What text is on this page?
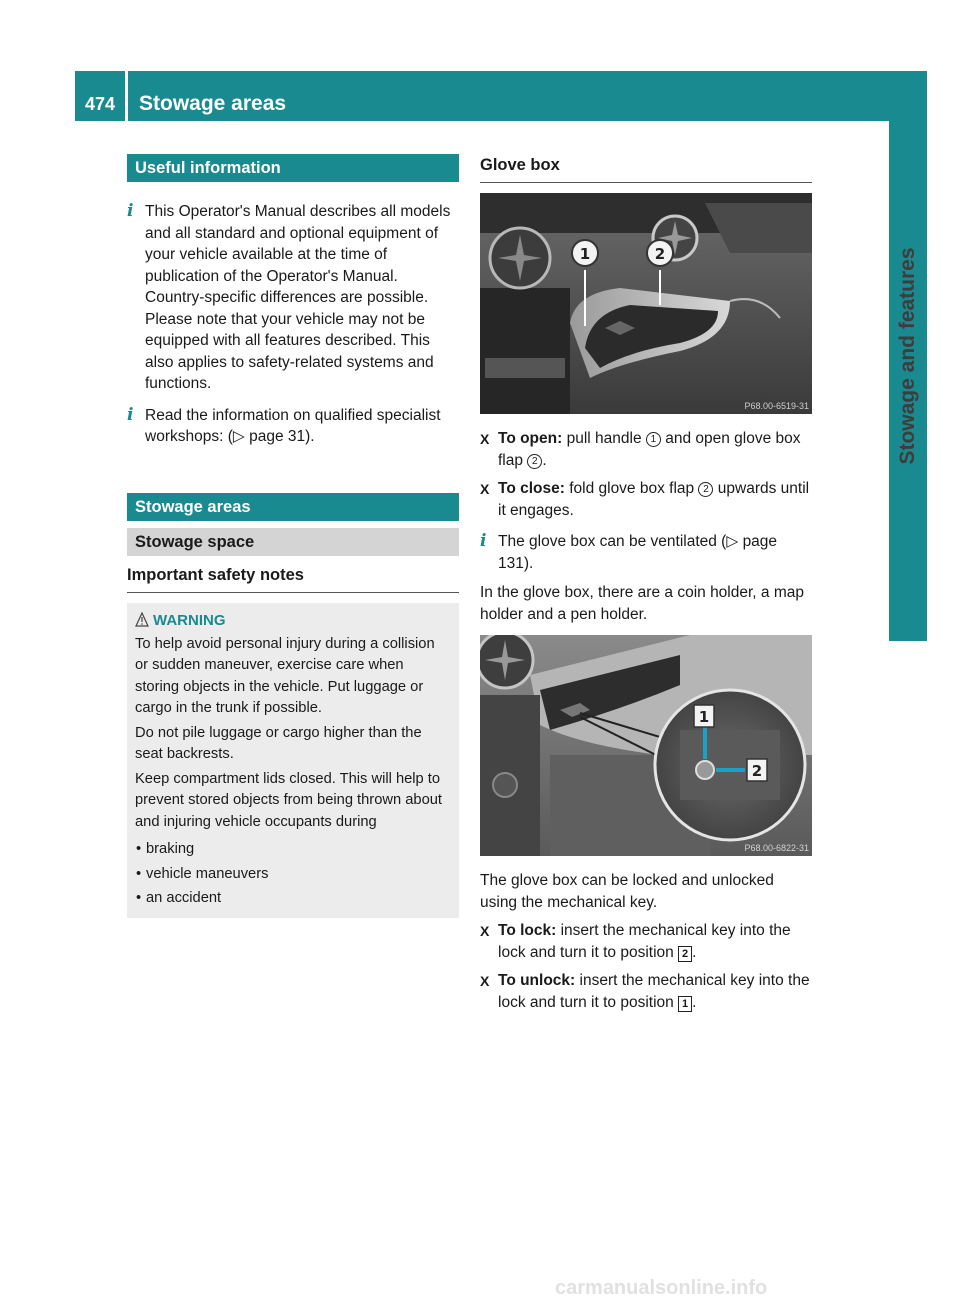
474	Stowage areas
Stowage and features
Useful information
i This Operator's Manual describes all models and all standard and optional equipment of your vehicle available at the time of publication of the Operator's Manual. Country-specific differences are possible. Please note that your vehicle may not be equipped with all features described. This also applies to safety-related systems and functions.

i Read the information on qualified specialist workshops: (▷ page 31).

Stowage areas
Stowage space
Important safety notes
WARNING

To help avoid personal injury during a collision or sudden maneuver, exercise care when storing objects in the vehicle. Put luggage or cargo in the trunk if possible.

Do not pile luggage or cargo higher than the seat backrests.

Keep compartment lids closed. This will help to prevent stored objects from being thrown about and injuring vehicle occupants during

• braking

• vehicle maneuvers

• an accident

Glove box
1	2
P68.00-6519-31
X To open: pull handle 1 and open glove box flap 2 .

X To close: fold glove box flap 2 upwards until it engages.

i The glove box can be ventilated (▷ page 131).

In the glove box, there are a coin holder, a map holder and a pen holder.

1
2
P68.00-6822-31

The glove box can be locked and unlocked using the mechanical key.

X To lock: insert the mechanical key into the lock and turn it to position 2 .

X To unlock: insert the mechanical key into the lock and turn it to position 1 .

carmanualsonline.info
